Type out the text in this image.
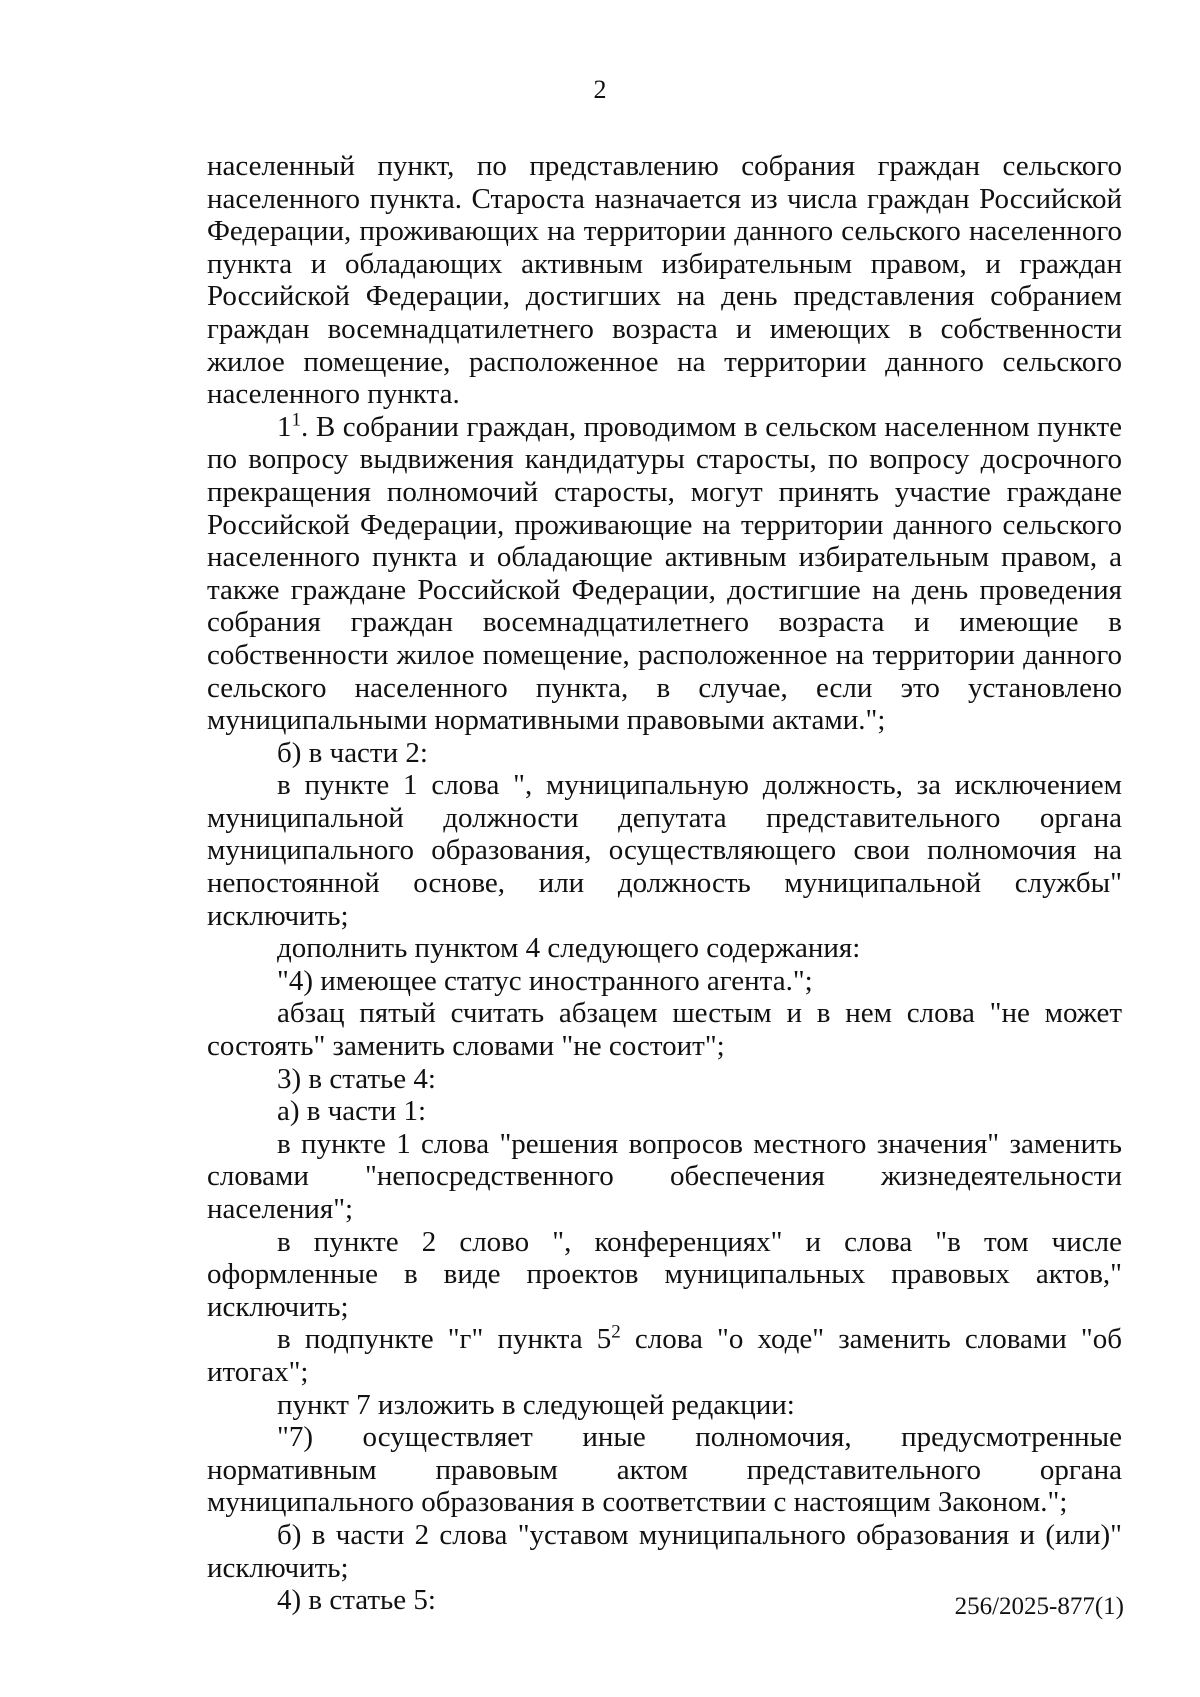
2

населенный пункт, по представлению собрания граждан сельского населенного пункта. Староста назначается из числа граждан Российской Федерации, проживающих на территории данного сельского населенного пункта и обладающих активным избирательным правом, и граждан Российской Федерации, достигших на день представления собранием граждан восемнадцатилетнего возраста и имеющих в собственности жилое помещение, расположенное на территории данного сельского населенного пункта.

$1^1$. В собрании граждан, проводимом в сельском населенном пункте по вопросу выдвижения кандидатуры старосты, по вопросу досрочного прекращения полномочий старосты, могут принять участие граждане Российской Федерации, проживающие на территории данного сельского населенного пункта и обладающие активным избирательным правом, а также граждане Российской Федерации, достигшие на день проведения собрания граждан восемнадцатилетнего возраста и имеющие в собственности жилое помещение, расположенное на территории данного сельского населенного пункта, в случае, если это установлено муниципальными нормативными правовыми актами.";

б) в части 2:

в пункте 1 слова ", муниципальную должность, за исключением муниципальной должности депутата представительного органа муниципального образования, осуществляющего свои полномочия на непостоянной основе, или должность муниципальной службы" исключить;

дополнить пунктом 4 следующего содержания:

"4) имеющее статус иностранного агента.";

абзац пятый считать абзацем шестым и в нем слова "не может состоять" заменить словами "не состоит";

3) в статье 4:

а) в части 1:

в пункте 1 слова "решения вопросов местного значения" заменить словами "непосредственного обеспечения жизнедеятельности населения";

в пункте 2 слово ", конференциях" и слова "в том числе оформленные в виде проектов муниципальных правовых актов," исключить;

в подпункте "г" пункта $5^2$ слова "о ходе" заменить словами "об итогах";

пункт 7 изложить в следующей редакции:

"7) осуществляет иные полномочия, предусмотренные нормативным правовым актом представительного органа муниципального образования в соответствии с настоящим Законом.";

б) в части 2 слова "уставом муниципального образования и (или)" исключить;

4) в статье 5:	256/2025-877(1)
